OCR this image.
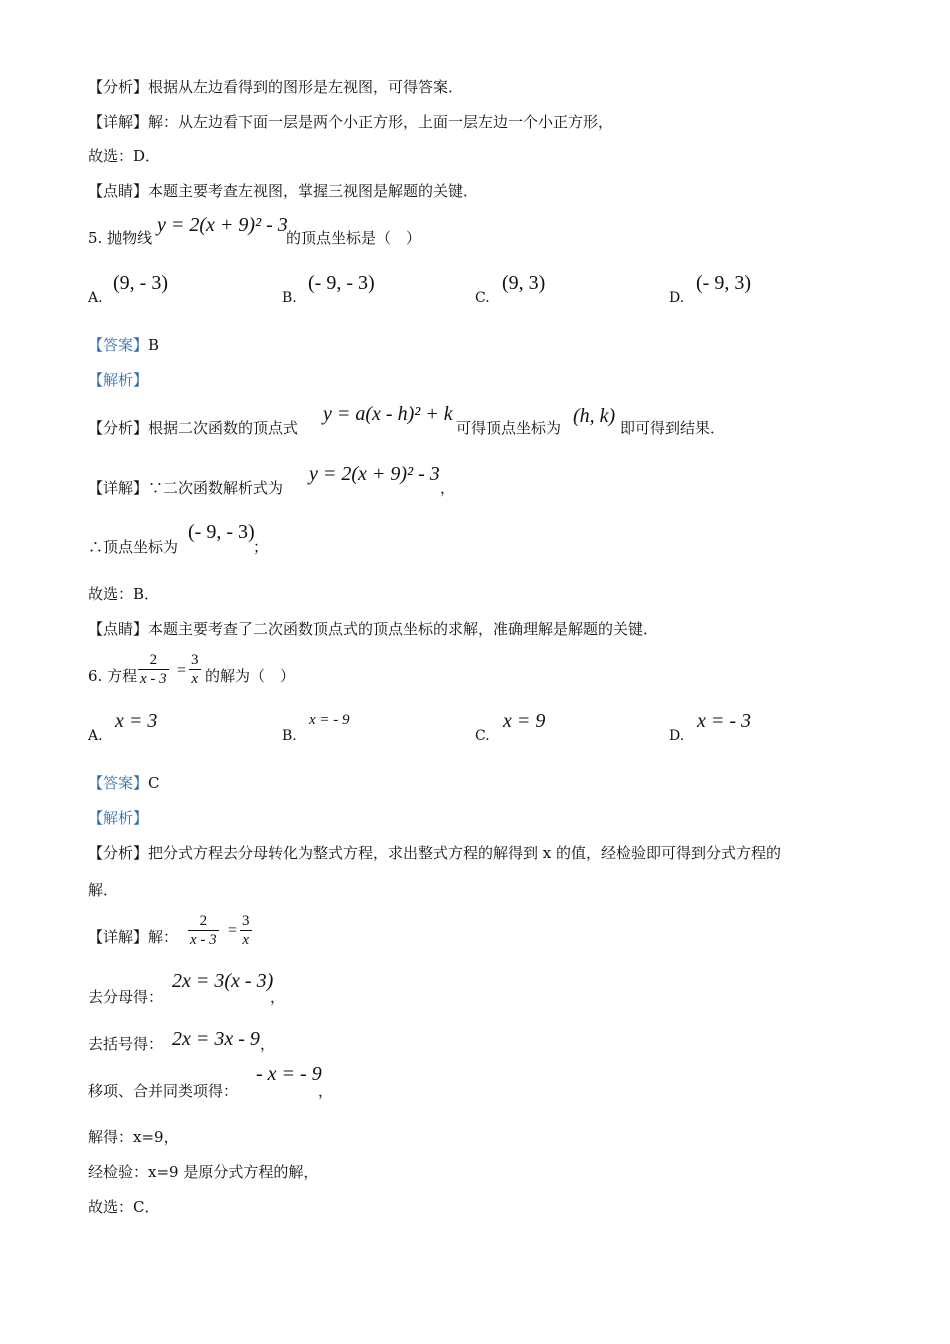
【分析】根据从左边看得到的图形是左视图，可得答案．
【详解】解：从左边看下面一层是两个小正方形，上面一层左边一个小正方形，
故选：D．
【点睛】本题主要考查左视图，掌握三视图是解题的关键．
5. 抛物线
y = 2(x + 9)² - 3
的顶点坐标是（　）
A.
(9, - 3)
B.
(- 9, - 3)
C.
(9, 3)
D.
(- 9, 3)
【答案】B
【解析】
【分析】根据二次函数的顶点式
y = a(x - h)² + k
可得顶点坐标为
(h, k)
即可得到结果．
【详解】∵二次函数解析式为
y = 2(x + 9)² - 3
，
∴顶点坐标为
(- 9, - 3)
；
故选：B．
【点睛】本题主要考查了二次函数顶点式的顶点坐标的求解，准确理解是解题的关键．
6. 方程 $\frac{2}{x - 3} = \frac{3}{x}$ 的解为（　）
A.
x = 3
B.
x = - 9
C.
x = 9
D.
x = - 3
【答案】C
【解析】
【分析】把分式方程去分母转化为整式方程，求出整式方程的解得到 x 的值，经检验即可得到分式方程的
解．
【详解】解： $\frac{2}{x - 3} = \frac{3}{x}$
去分母得：
2x = 3(x - 3)
，
去括号得： 2x = 3x - 9 ，
移项、合并同类项得：
- x = - 9
，
解得：x=9，
经检验：x=9 是原分式方程的解，
故选：C．
